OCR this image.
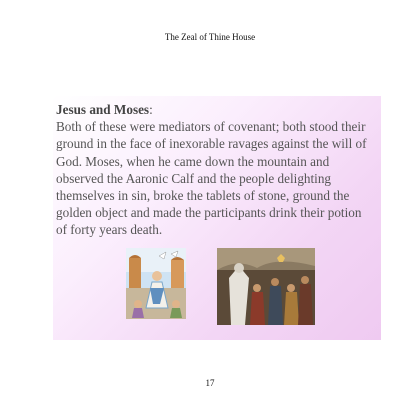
The Zeal of Thine House
Jesus and Moses:
Both of these were mediators of covenant; both stood their ground in the face of inexorable ravages against the will of God. Moses, when he came down the mountain and observed the Aaronic Calf and the people delighting themselves in sin, broke the tablets of stone, ground the golden object and made the participants drink their potion of forty years death.
17
